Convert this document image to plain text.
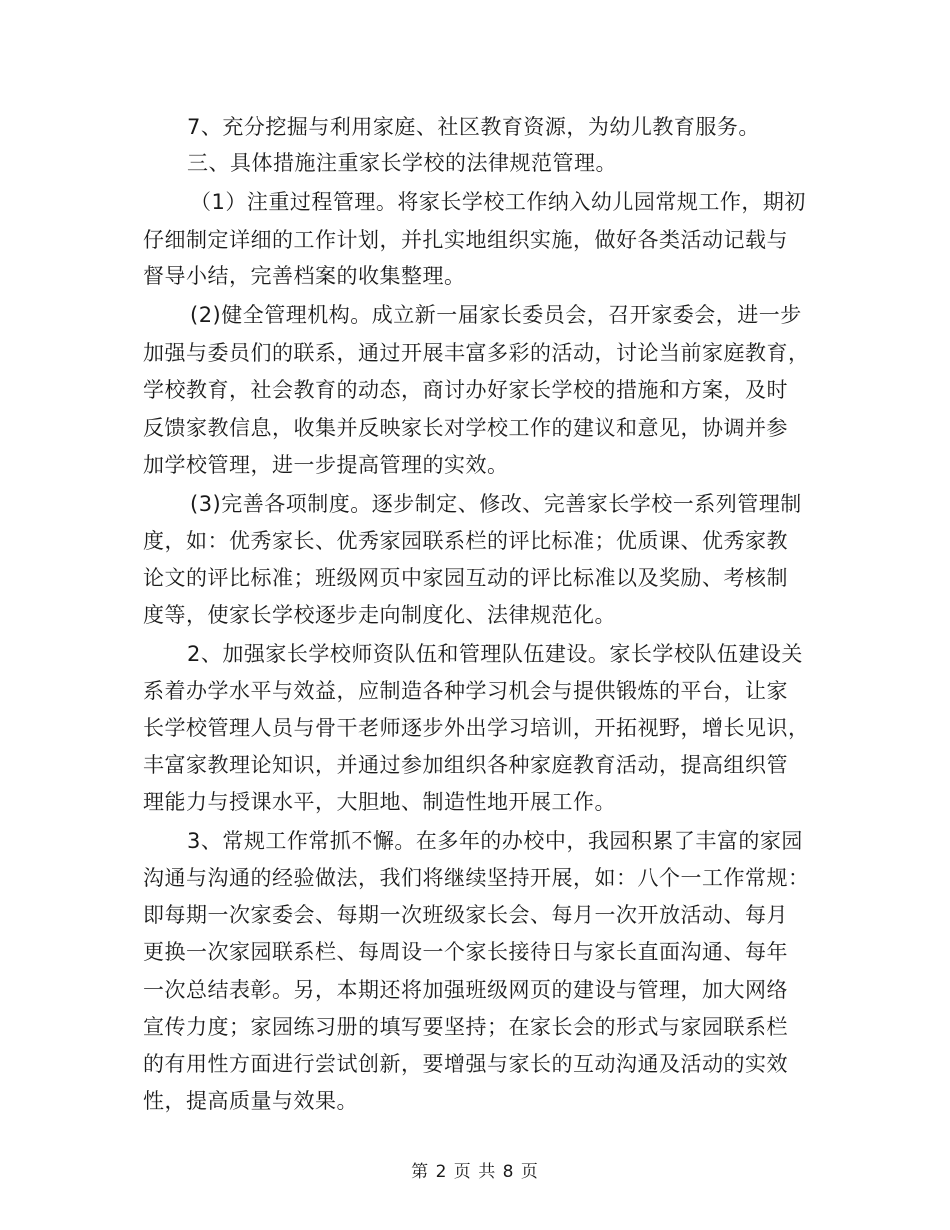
7、充分挖掘与利用家庭、社区教育资源，为幼儿教育服务。
三、具体措施注重家长学校的法律规范管理。
（1）注重过程管理。将家长学校工作纳入幼儿园常规工作，期初
仔细制定详细的工作计划，并扎实地组织实施，做好各类活动记载与
督导小结，完善档案的收集整理。
(2)健全管理机构。成立新一届家长委员会，召开家委会，进一步
加强与委员们的联系，通过开展丰富多彩的活动，讨论当前家庭教育，
学校教育，社会教育的动态，商讨办好家长学校的措施和方案，及时
反馈家教信息，收集并反映家长对学校工作的建议和意见，协调并参
加学校管理，进一步提高管理的实效。
(3)完善各项制度。逐步制定、修改、完善家长学校一系列管理制
度，如：优秀家长、优秀家园联系栏的评比标准；优质课、优秀家教
论文的评比标准；班级网页中家园互动的评比标准以及奖励、考核制
度等，使家长学校逐步走向制度化、法律规范化。
2、加强家长学校师资队伍和管理队伍建设。家长学校队伍建设关
系着办学水平与效益，应制造各种学习机会与提供锻炼的平台，让家
长学校管理人员与骨干老师逐步外出学习培训，开拓视野，增长见识，
丰富家教理论知识，并通过参加组织各种家庭教育活动，提高组织管
理能力与授课水平，大胆地、制造性地开展工作。
3、常规工作常抓不懈。在多年的办校中，我园积累了丰富的家园
沟通与沟通的经验做法，我们将继续坚持开展，如：八个一工作常规：
即每期一次家委会、每期一次班级家长会、每月一次开放活动、每月
更换一次家园联系栏、每周设一个家长接待日与家长直面沟通、每年
一次总结表彰。另，本期还将加强班级网页的建设与管理，加大网络
宣传力度；家园练习册的填写要坚持；在家长会的形式与家园联系栏
的有用性方面进行尝试创新，要增强与家长的互动沟通及活动的实效
性，提高质量与效果。
第 2 页 共 8 页
